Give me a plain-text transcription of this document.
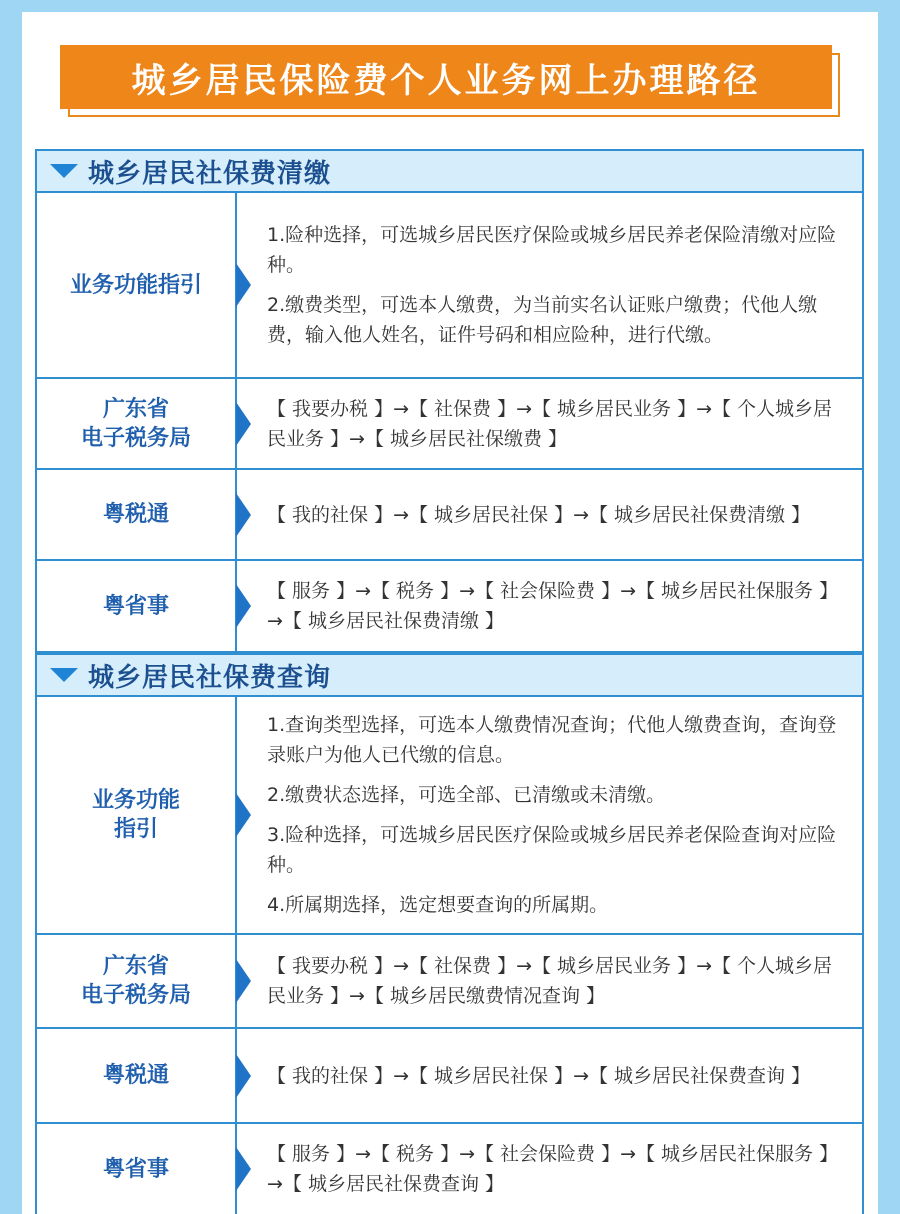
城乡居民保险费个人业务网上办理路径
城乡居民社保费清缴
业务功能指引
1.险种选择，可选城乡居民医疗保险或城乡居民养老保险清缴对应险种。
2.缴费类型，可选本人缴费，为当前实名认证账户缴费；代他人缴费，输入他人姓名，证件号码和相应险种，进行代缴。
广东省
电子税务局
【 我要办税 】→【 社保费 】→【 城乡居民业务 】→【 个人城乡居民业务 】→【 城乡居民社保缴费 】
粤税通	【 我的社保 】→【 城乡居民社保 】→【 城乡居民社保费清缴 】
粤省事
【 服务 】→【 税务 】→【 社会保险费 】→【 城乡居民社保服务 】→【 城乡居民社保费清缴 】
城乡居民社保费查询
业务功能
指引
1.查询类型选择，可选本人缴费情况查询；代他人缴费查询，查询登录账户为他人已代缴的信息。
2.缴费状态选择，可选全部、已清缴或未清缴。
3.险种选择，可选城乡居民医疗保险或城乡居民养老保险查询对应险种。
4.所属期选择，选定想要查询的所属期。
广东省
电子税务局
【 我要办税 】→【 社保费 】→【 城乡居民业务 】→【 个人城乡居民业务 】→【 城乡居民缴费情况查询 】
粤税通	【 我的社保 】→【 城乡居民社保 】→【 城乡居民社保费查询 】
粤省事
【 服务 】→【 税务 】→【 社会保险费 】→【 城乡居民社保服务 】→【 城乡居民社保费查询 】
